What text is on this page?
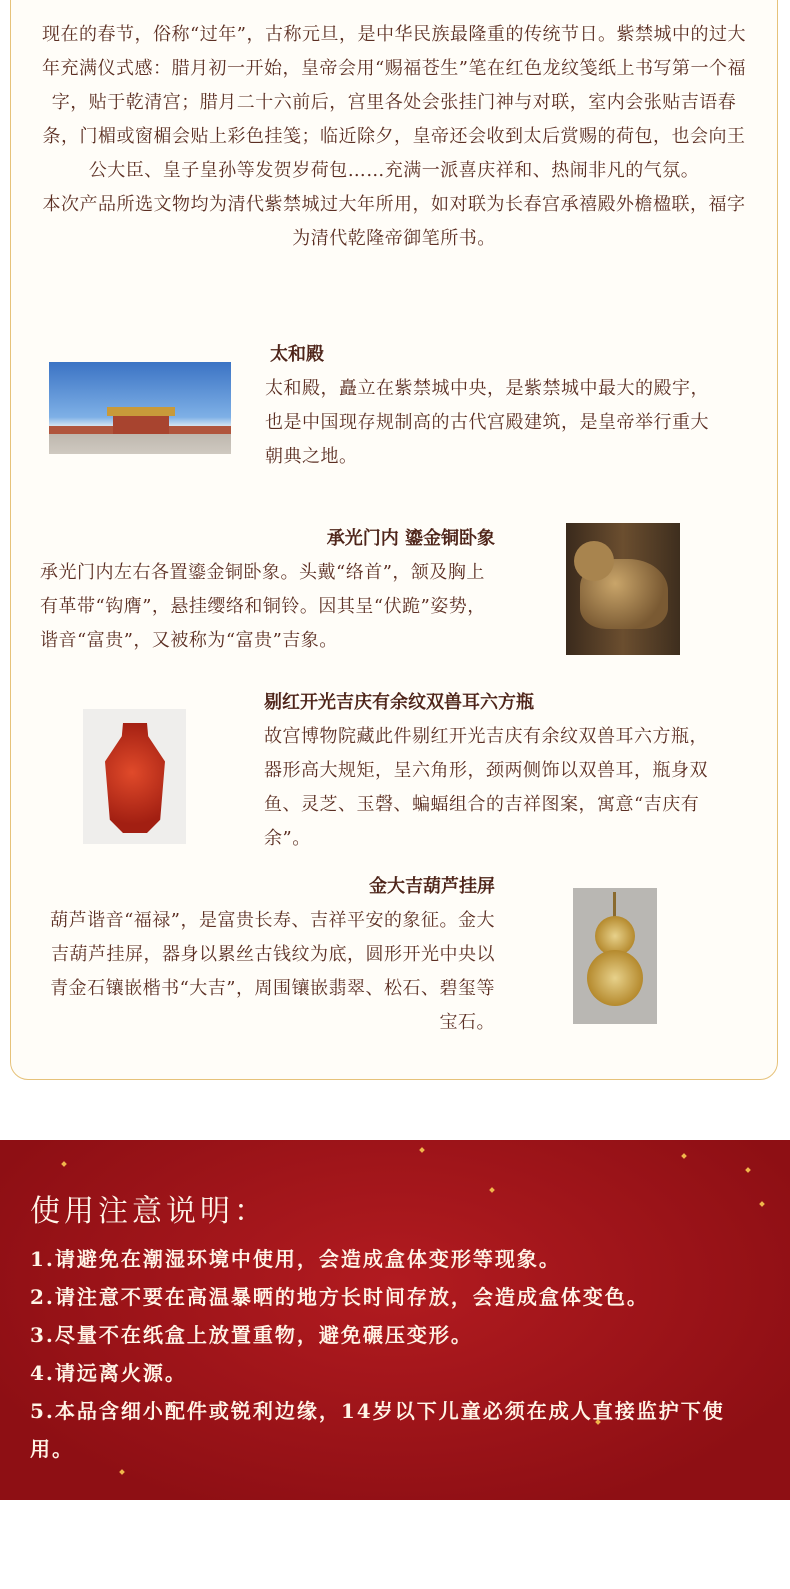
现在的春节，俗称“过年”，古称元旦，是中华民族最隆重的传统节日。紫禁城中的过大年充满仪式感：腊月初一开始，皇帝会用“赐福苍生”笔在红色龙纹笺纸上书写第一个福字，贴于乾清宫；腊月二十六前后，宫里各处会张挂门神与对联，室内会张贴吉语春条，门楣或窗楣会贴上彩色挂笺；临近除夕，皇帝还会收到太后赏赐的荷包，也会向王公大臣、皇子皇孙等发贺岁荷包……充满一派喜庆祥和、热闹非凡的气氛。

本次产品所选文物均为清代紫禁城过大年所用，如对联为长春宫承禧殿外檐楹联，福字为清代乾隆帝御笔所书。

太和殿

太和殿，矗立在紫禁城中央，是紫禁城中最大的殿宇，也是中国现存规制高的古代宫殿建筑，是皇帝举行重大朝典之地。

承光门内 鎏金铜卧象

承光门内左右各置鎏金铜卧象。头戴“络首”，颔及胸上有革带“钩膺”，悬挂缨络和铜铃。因其呈“伏跪”姿势，谐音“富贵”，又被称为“富贵”吉象。

剔红开光吉庆有余纹双兽耳六方瓶

故宫博物院藏此件剔红开光吉庆有余纹双兽耳六方瓶，器形高大规矩，呈六角形，颈两侧饰以双兽耳，瓶身双鱼、灵芝、玉磬、蝙蝠组合的吉祥图案，寓意“吉庆有余”。

金大吉葫芦挂屏

葫芦谐音“福禄”，是富贵长寿、吉祥平安的象征。金大吉葫芦挂屏，器身以累丝古钱纹为底，圆形开光中央以青金石镶嵌楷书“大吉”，周围镶嵌翡翠、松石、碧玺等宝石。

使用注意说明：
1.请避免在潮湿环境中使用，会造成盒体变形等现象。
2.请注意不要在高温暴晒的地方长时间存放，会造成盒体变色。
3.尽量不在纸盒上放置重物，避免碾压变形。
4.请远离火源。
5.本品含细小配件或锐利边缘，14岁以下儿童必须在成人直接监护下使用。
